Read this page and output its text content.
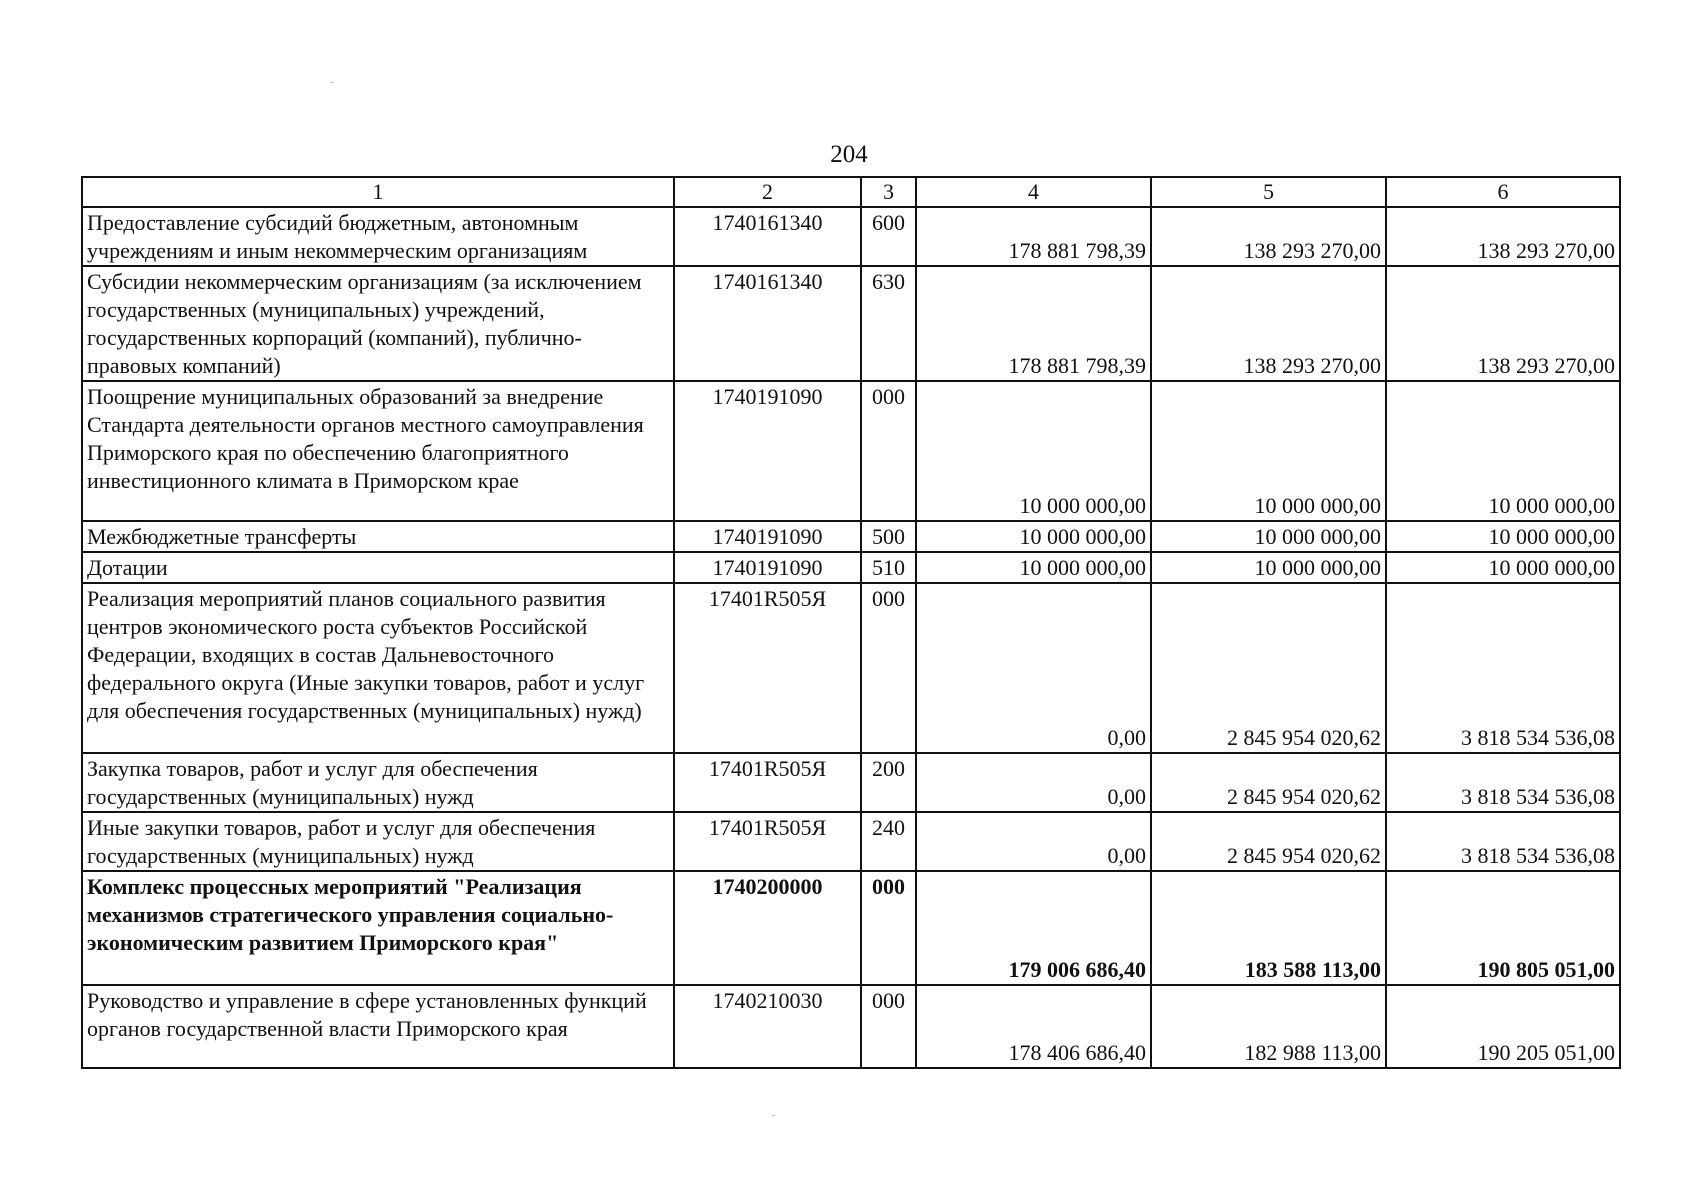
204
1	2	3	4	5	6
Предоставление субсидий бюджетным, автономным учреждениям и иным некоммерческим организациям	1740161340	600	178 881 798,39	138 293 270,00	138 293 270,00
Субсидии некоммерческим организациям (за исключением государственных (муниципальных) учреждений, государственных корпораций (компаний), публично-правовых компаний)	1740161340	630	178 881 798,39	138 293 270,00	138 293 270,00
Поощрение муниципальных образований за внедрение Стандарта деятельности органов местного самоуправления Приморского края по обеспечению благоприятного инвестиционного климата в Приморском крае	1740191090	000	10 000 000,00	10 000 000,00	10 000 000,00
Межбюджетные трансферты	1740191090	500	10 000 000,00	10 000 000,00	10 000 000,00
Дотации	1740191090	510	10 000 000,00	10 000 000,00	10 000 000,00
Реализация мероприятий планов социального развития центров экономического роста субъектов Российской Федерации, входящих в состав Дальневосточного федерального округа (Иные закупки товаров, работ и услуг для обеспечения государственных (муниципальных) нужд)	17401R505Я	000	0,00	2 845 954 020,62	3 818 534 536,08
Закупка товаров, работ и услуг для обеспечения государственных (муниципальных) нужд	17401R505Я	200	0,00	2 845 954 020,62	3 818 534 536,08
Иные закупки товаров, работ и услуг для обеспечения государственных (муниципальных) нужд	17401R505Я	240	0,00	2 845 954 020,62	3 818 534 536,08
Комплекс процессных мероприятий "Реализация механизмов стратегического управления социально-экономическим развитием Приморского края"	1740200000	000	179 006 686,40	183 588 113,00	190 805 051,00
Руководство и управление в сфере установленных функций органов государственной власти Приморского края	1740210030	000	178 406 686,40	182 988 113,00	190 205 051,00
